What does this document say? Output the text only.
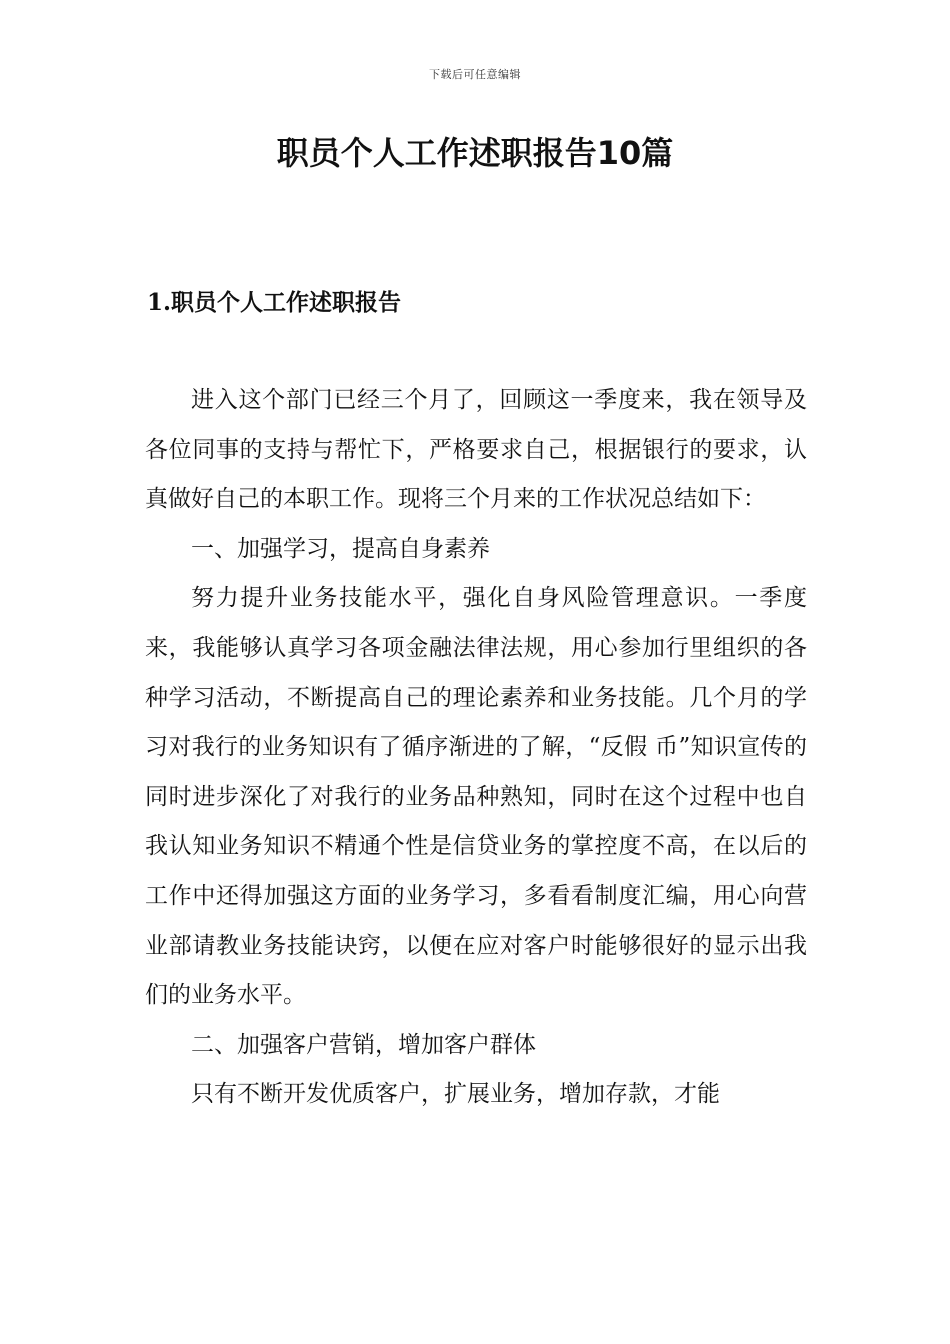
下载后可任意编辑
职员个人工作述职报告10篇
1.职员个人工作述职报告

进入这个部门已经三个月了，回顾这一季度来，我在领导及各位同事的支持与帮忙下，严格要求自己，根据银行的要求，认真做好自己的本职工作。现将三个月来的工作状况总结如下：

一、加强学习，提高自身素养

努力提升业务技能水平，强化自身风险管理意识。一季度来，我能够认真学习各项金融法律法规，用心参加行里组织的各种学习活动，不断提高自己的理论素养和业务技能。几个月的学习对我行的业务知识有了循序渐进的了解，“反假 币”知识宣传的同时进步深化了对我行的业务品种熟知，同时在这个过程中也自我认知业务知识不精通个性是信贷业务的掌控度不高，在以后的工作中还得加强这方面的业务学习，多看看制度汇编，用心向营业部请教业务技能诀窍，以便在应对客户时能够很好的显示出我们的业务水平。

二、加强客户营销，增加客户群体

只有不断开发优质客户，扩展业务，增加存款，才能
